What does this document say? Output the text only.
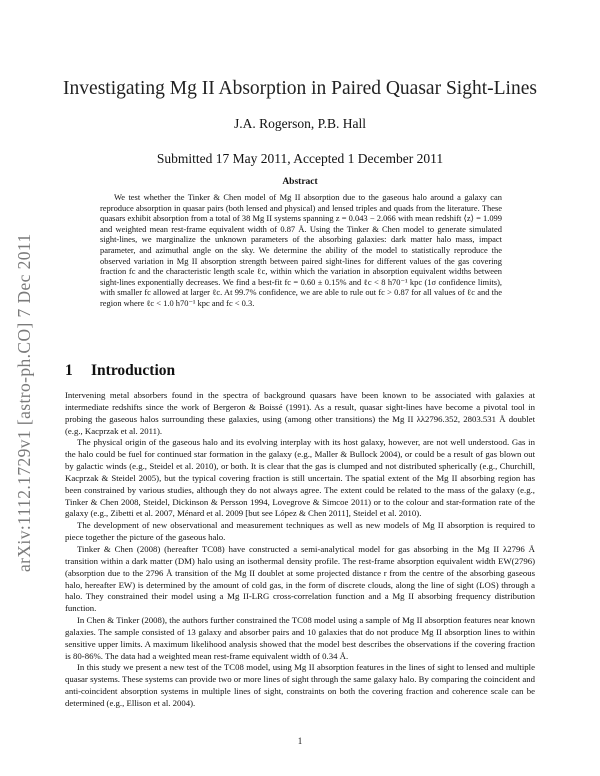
arXiv:1112.1729v1 [astro-ph.CO] 7 Dec 2011
Investigating Mg II Absorption in Paired Quasar Sight-Lines
J.A. Rogerson, P.B. Hall
Submitted 17 May 2011, Accepted 1 December 2011
Abstract

We test whether the Tinker & Chen model of Mg II absorption due to the gaseous halo around a galaxy can reproduce absorption in quasar pairs (both lensed and physical) and lensed triples and quads from the literature. These quasars exhibit absorption from a total of 38 Mg II systems spanning z = 0.043 − 2.066 with mean redshift ⟨z⟩ = 1.099 and weighted mean rest-frame equivalent width of 0.87 Å. Using the Tinker & Chen model to generate simulated sight-lines, we marginalize the unknown parameters of the absorbing galaxies: dark matter halo mass, impact parameter, and azimuthal angle on the sky. We determine the ability of the model to statistically reproduce the observed variation in Mg II absorption strength between paired sight-lines for different values of the gas covering fraction fc and the characteristic length scale ℓc, within which the variation in absorption equivalent widths between sight-lines exponentially decreases. We find a best-fit fc = 0.60 ± 0.15% and ℓc < 8 h70⁻¹ kpc (1σ confidence limits), with smaller fc allowed at larger ℓc. At 99.7% confidence, we are able to rule out fc > 0.87 for all values of ℓc and the region where ℓc < 1.0 h70⁻¹ kpc and fc < 0.3.

1 Introduction

Intervening metal absorbers found in the spectra of background quasars have been known to be associated with galaxies at intermediate redshifts since the work of Bergeron & Boissé (1991). As a result, quasar sight-lines have become a pivotal tool in probing the gaseous halos surrounding these galaxies, using (among other transitions) the Mg II λλ2796.352, 2803.531 Å doublet (e.g., Kacprzak et al. 2011).

The physical origin of the gaseous halo and its evolving interplay with its host galaxy, however, are not well understood. Gas in the halo could be fuel for continued star formation in the galaxy (e.g., Maller & Bullock 2004), or could be a result of gas blown out by galactic winds (e.g., Steidel et al. 2010), or both. It is clear that the gas is clumped and not distributed spherically (e.g., Churchill, Kacprzak & Steidel 2005), but the typical covering fraction is still uncertain. The spatial extent of the Mg II absorbing region has been constrained by various studies, although they do not always agree. The extent could be related to the mass of the galaxy (e.g., Tinker & Chen 2008, Steidel, Dickinson & Persson 1994, Lovegrove & Simcoe 2011) or to the colour and star-formation rate of the galaxy (e.g., Zibetti et al. 2007, Ménard et al. 2009 [but see López & Chen 2011], Steidel et al. 2010).

The development of new observational and measurement techniques as well as new models of Mg II absorption is required to piece together the picture of the gaseous halo.

Tinker & Chen (2008) (hereafter TC08) have constructed a semi-analytical model for gas absorbing in the Mg II λ2796 Å transition within a dark matter (DM) halo using an isothermal density profile. The rest-frame absorption equivalent width EW(2796) (absorption due to the 2796 Å transition of the Mg II doublet at some projected distance r from the centre of the absorbing gaseous halo, hereafter EW) is determined by the amount of cold gas, in the form of discrete clouds, along the line of sight (LOS) through a halo. They constrained their model using a Mg II-LRG cross-correlation function and a Mg II absorbing frequency distribution function.

In Chen & Tinker (2008), the authors further constrained the TC08 model using a sample of Mg II absorption features near known galaxies. The sample consisted of 13 galaxy and absorber pairs and 10 galaxies that do not produce Mg II absorption lines to within sensitive upper limits. A maximum likelihood analysis showed that the model best describes the observations if the covering fraction is 80-86%. The data had a weighted mean rest-frame equivalent width of 0.34 Å.

In this study we present a new test of the TC08 model, using Mg II absorption features in the lines of sight to lensed and multiple quasar systems. These systems can provide two or more lines of sight through the same galaxy halo. By comparing the coincident and anti-coincident absorption systems in multiple lines of sight, constraints on both the covering fraction and coherence scale can be determined (e.g., Ellison et al. 2004).

1
